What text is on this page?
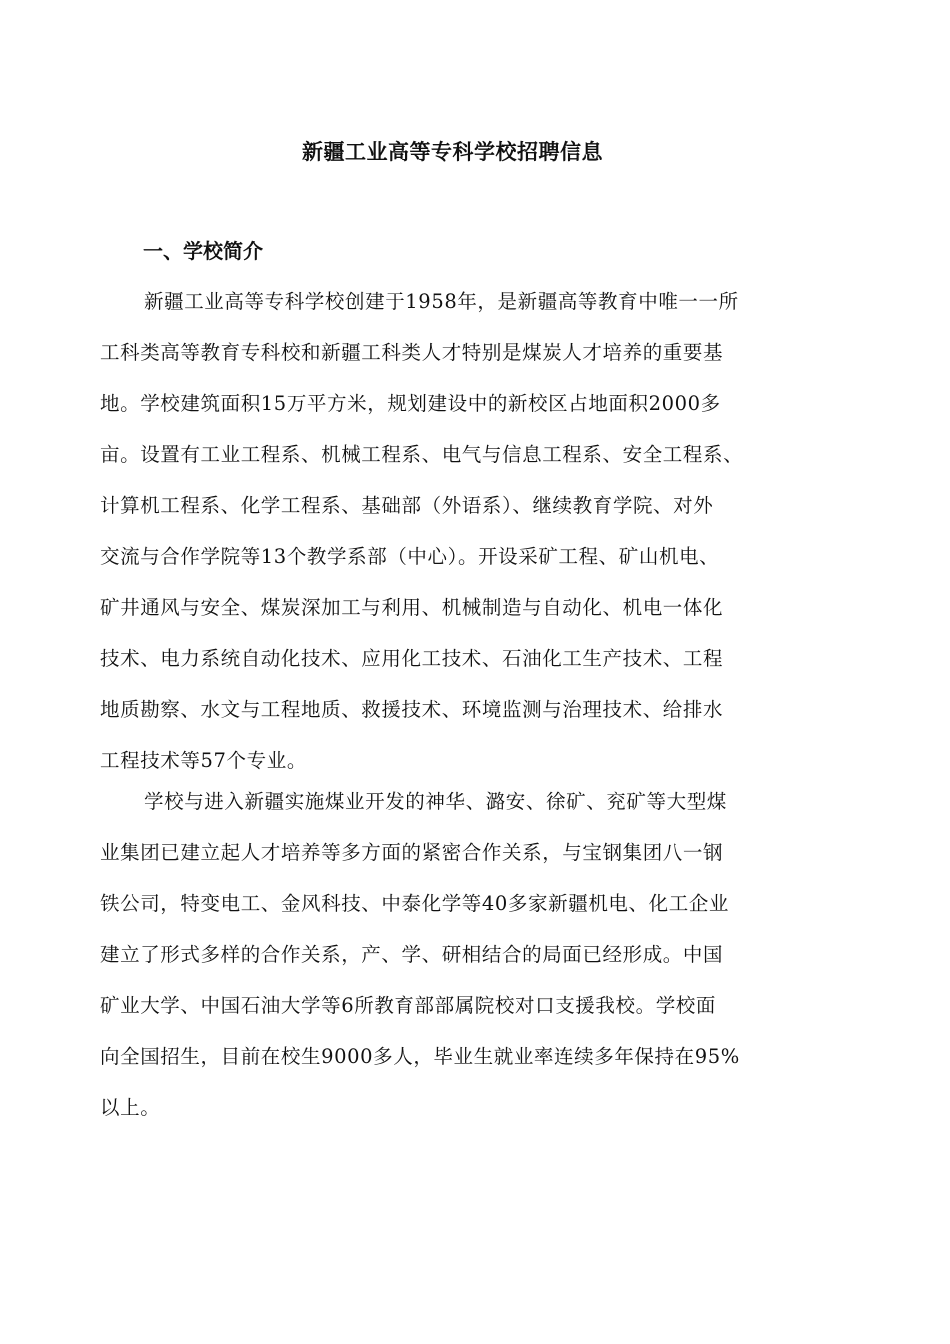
新疆工业高等专科学校招聘信息
一、学校简介
新疆工业高等专科学校创建于1958年，是新疆高等教育中唯一一所
工科类高等教育专科校和新疆工科类人才特别是煤炭人才培养的重要基
地。学校建筑面积15万平方米，规划建设中的新校区占地面积2000多
亩。设置有工业工程系、机械工程系、电气与信息工程系、安全工程系、
计算机工程系、化学工程系、基础部（外语系）、继续教育学院、对外
交流与合作学院等13个教学系部（中心）。开设采矿工程、矿山机电、
矿井通风与安全、煤炭深加工与利用、机械制造与自动化、机电一体化
技术、电力系统自动化技术、应用化工技术、石油化工生产技术、工程
地质勘察、水文与工程地质、救援技术、环境监测与治理技术、给排水
工程技术等57个专业。
学校与进入新疆实施煤业开发的神华、潞安、徐矿、兖矿等大型煤
业集团已建立起人才培养等多方面的紧密合作关系，与宝钢集团八一钢
铁公司，特变电工、金风科技、中泰化学等40多家新疆机电、化工企业
建立了形式多样的合作关系，产、学、研相结合的局面已经形成。中国
矿业大学、中国石油大学等6所教育部部属院校对口支援我校。学校面
向全国招生，目前在校生9000多人，毕业生就业率连续多年保持在95%
以上。
